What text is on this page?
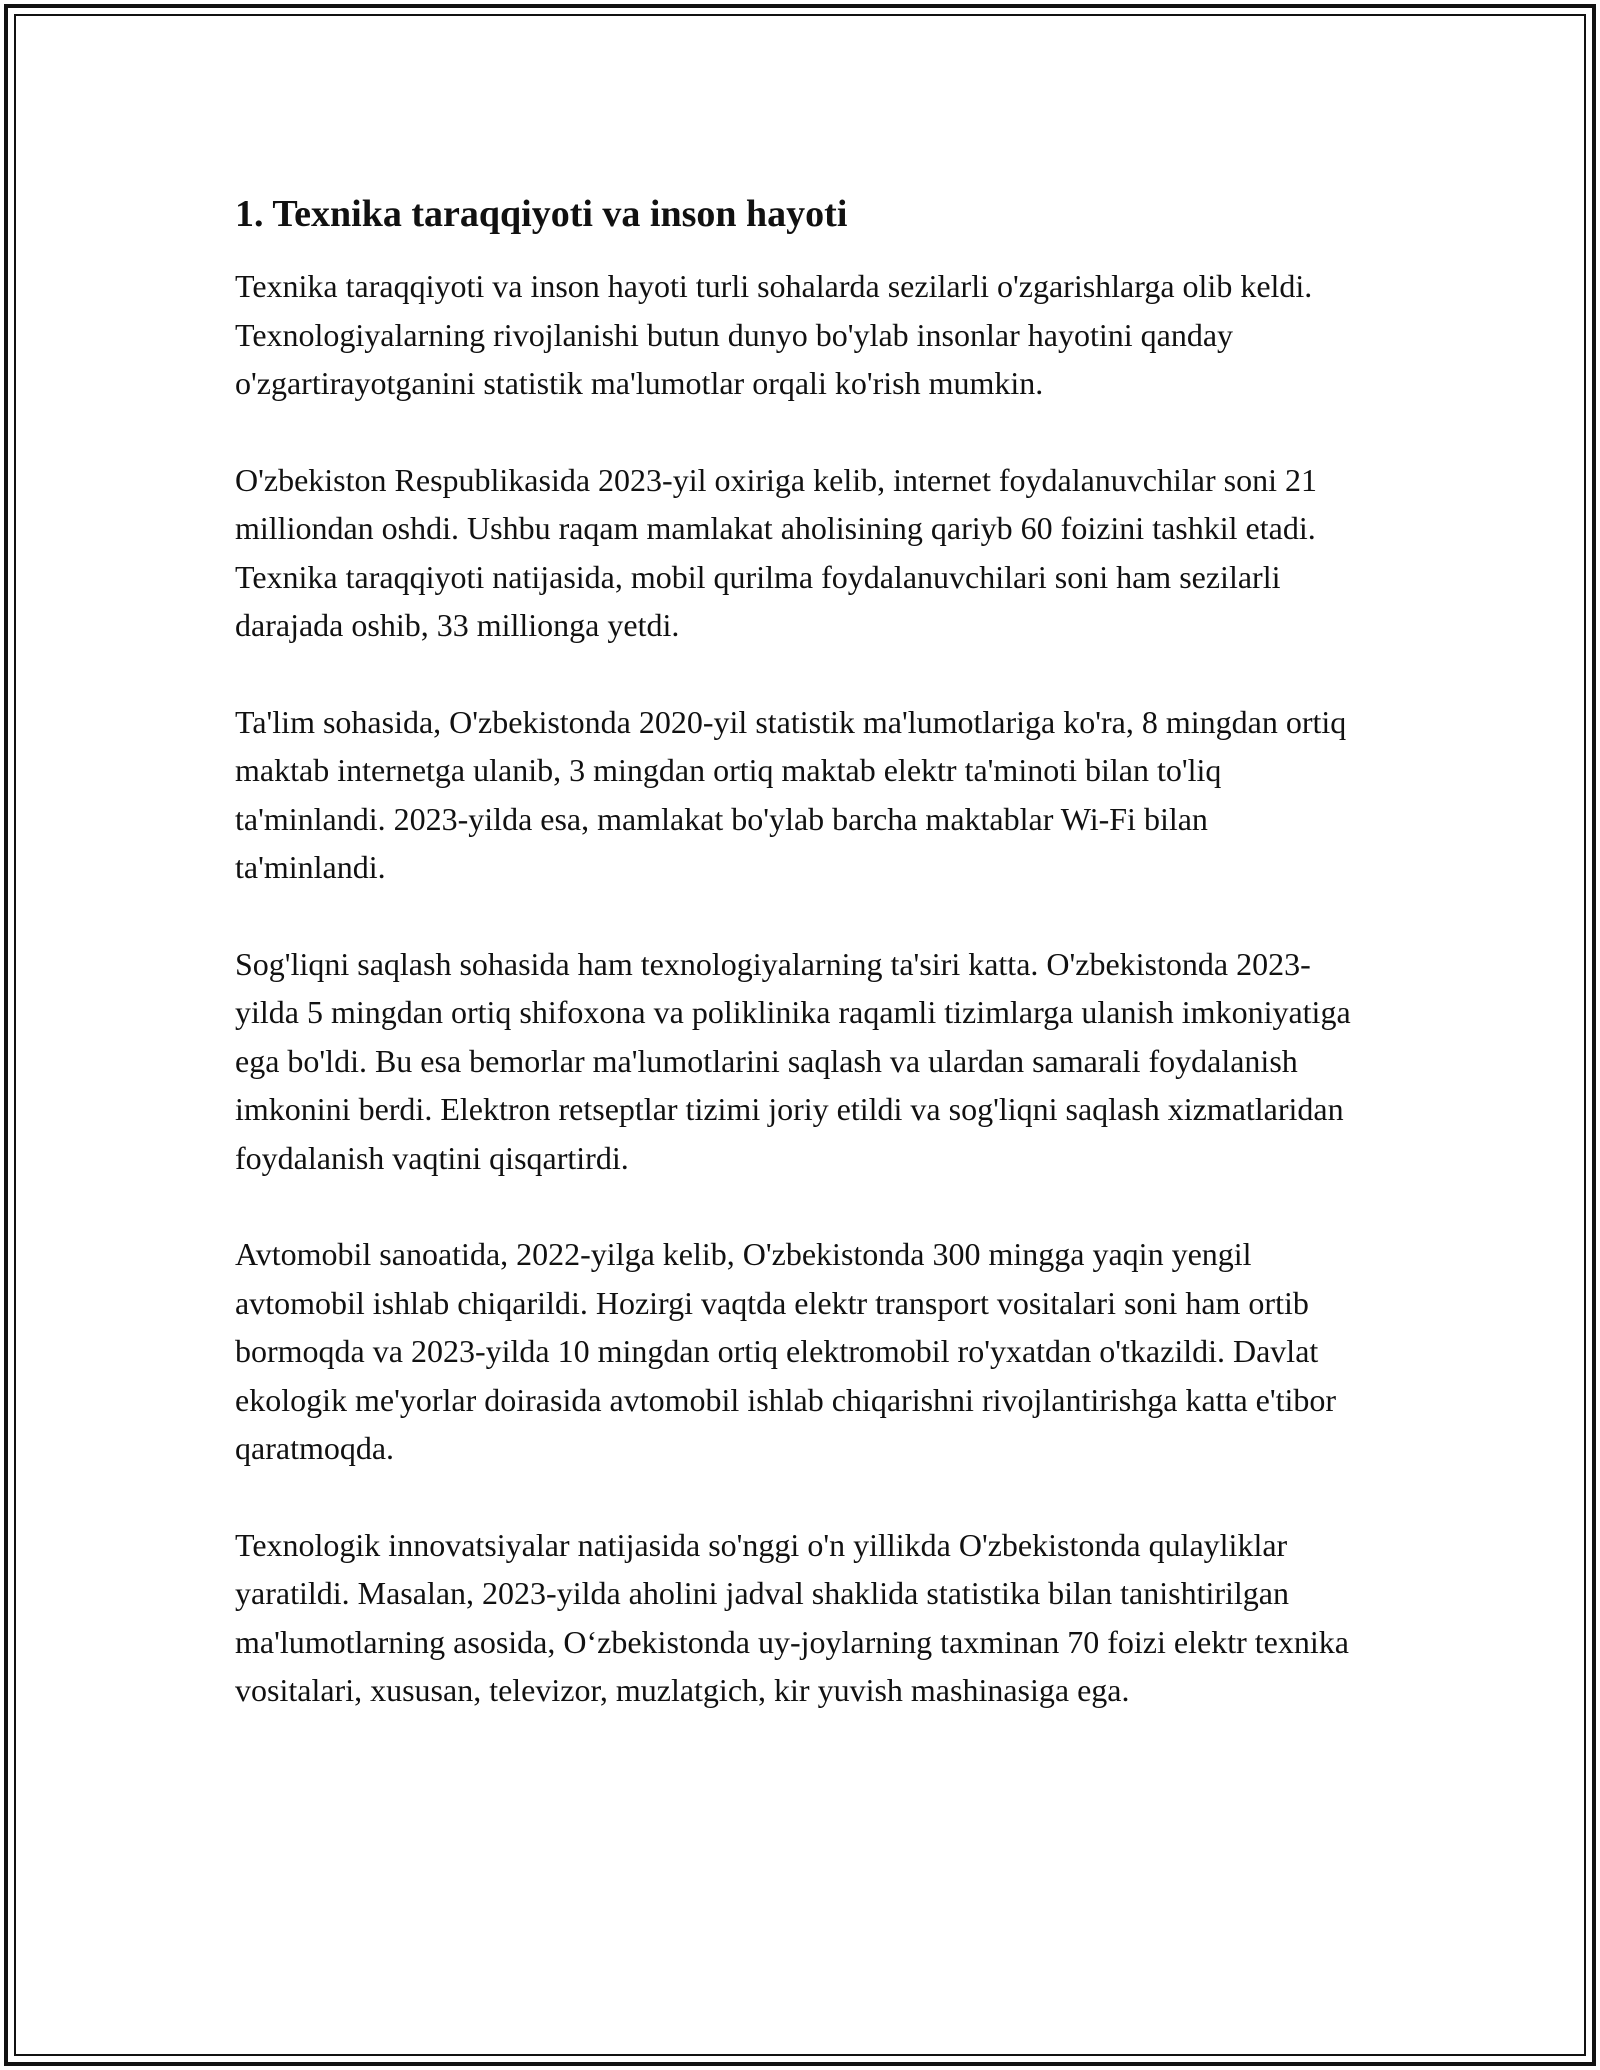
1. Texnika taraqqiyoti va inson hayoti

Texnika taraqqiyoti va inson hayoti turli sohalarda sezilarli o'zgarishlarga olib keldi. Texnologiyalarning rivojlanishi butun dunyo bo'ylab insonlar hayotini qanday o'zgartirayotganini statistik ma'lumotlar orqali ko'rish mumkin.

O'zbekiston Respublikasida 2023-yil oxiriga kelib, internet foydalanuvchilar soni 21 milliondan oshdi. Ushbu raqam mamlakat aholisining qariyb 60 foizini tashkil etadi. Texnika taraqqiyoti natijasida, mobil qurilma foydalanuvchilari soni ham sezilarli darajada oshib, 33 millionga yetdi.

Ta'lim sohasida, O'zbekistonda 2020-yil statistik ma'lumotlariga ko'ra, 8 mingdan ortiq maktab internetga ulanib, 3 mingdan ortiq maktab elektr ta'minoti bilan to'liq ta'minlandi. 2023-yilda esa, mamlakat bo'ylab barcha maktablar Wi-Fi bilan ta'minlandi.

Sog'liqni saqlash sohasida ham texnologiyalarning ta'siri katta. O'zbekistonda 2023-yilda 5 mingdan ortiq shifoxona va poliklinika raqamli tizimlarga ulanish imkoniyatiga ega bo'ldi. Bu esa bemorlar ma'lumotlarini saqlash va ulardan samarali foydalanish imkonini berdi. Elektron retseptlar tizimi joriy etildi va sog'liqni saqlash xizmatlaridan foydalanish vaqtini qisqartirdi.

Avtomobil sanoatida, 2022-yilga kelib, O'zbekistonda 300 mingga yaqin yengil avtomobil ishlab chiqarildi. Hozirgi vaqtda elektr transport vositalari soni ham ortib bormoqda va 2023-yilda 10 mingdan ortiq elektromobil ro'yxatdan o'tkazildi. Davlat ekologik me'yorlar doirasida avtomobil ishlab chiqarishni rivojlantirishga katta e'tibor qaratmoqda.

Texnologik innovatsiyalar natijasida so'nggi o'n yillikda O'zbekistonda qulayliklar yaratildi. Masalan, 2023-yilda aholini jadval shaklida statistika bilan tanishtirilgan ma'lumotlarning asosida, O‘zbekistonda uy-joylarning taxminan 70 foizi elektr texnika vositalari, xususan, televizor, muzlatgich, kir yuvish mashinasiga ega.
